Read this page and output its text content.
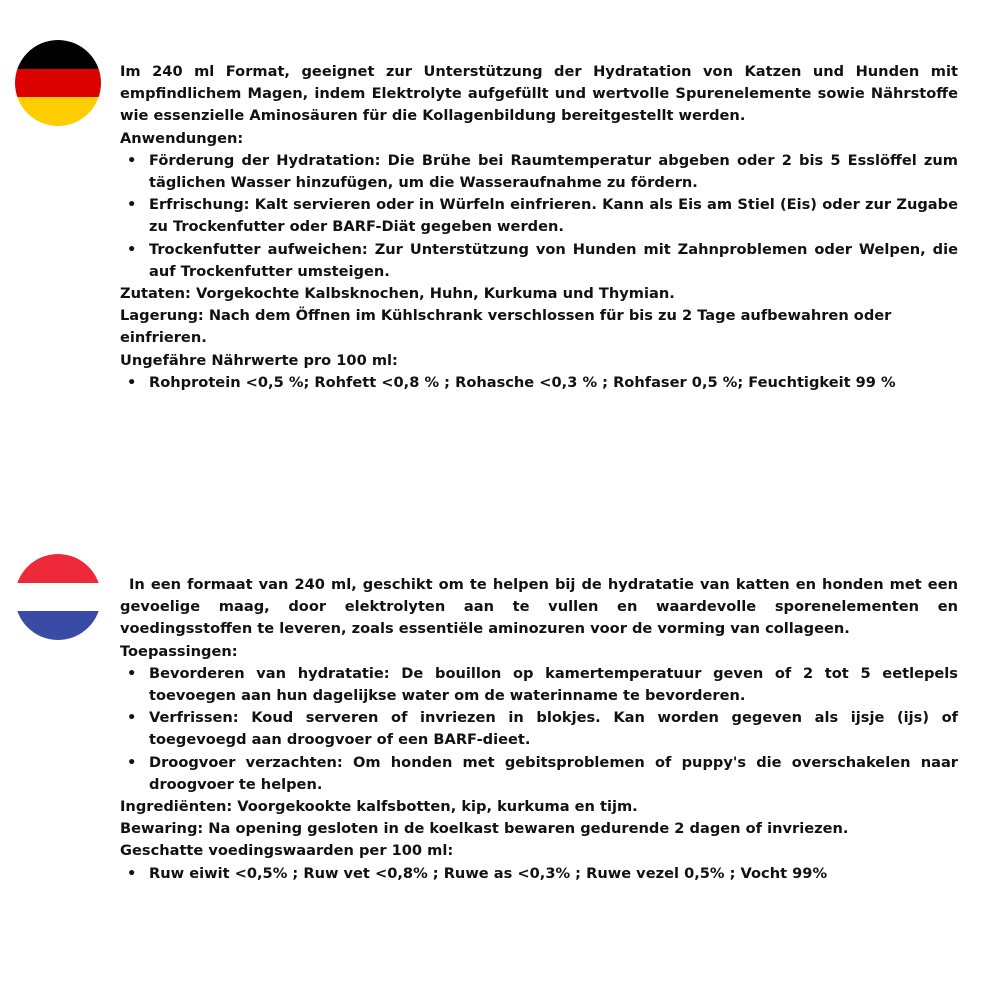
Im 240 ml Format, geeignet zur Unterstützung der Hydratation von Katzen und Hunden mit empfindlichem Magen, indem Elektrolyte aufgefüllt und wertvolle Spurenelemente sowie Nährstoffe wie essenzielle Aminosäuren für die Kollagenbildung bereitgestellt werden.

Anwendungen:

• Förderung der Hydratation: Die Brühe bei Raumtemperatur abgeben oder 2 bis 5 Esslöffel zum täglichen Wasser hinzufügen, um die Wasseraufnahme zu fördern.
• Erfrischung: Kalt servieren oder in Würfeln einfrieren. Kann als Eis am Stiel (Eis) oder zur Zugabe zu Trockenfutter oder BARF-Diät gegeben werden.
• Trockenfutter aufweichen: Zur Unterstützung von Hunden mit Zahnproblemen oder Welpen, die auf Trockenfutter umsteigen.

Zutaten: Vorgekochte Kalbsknochen, Huhn, Kurkuma und Thymian.

Lagerung: Nach dem Öffnen im Kühlschrank verschlossen für bis zu 2 Tage aufbewahren oder einfrieren.

Ungefähre Nährwerte pro 100 ml:

• Rohprotein <0,5 %; Rohfett <0,8 % ; Rohasche <0,3 % ; Rohfaser 0,5 %; Feuchtigkeit 99 %

In een formaat van 240 ml, geschikt om te helpen bij de hydratatie van katten en honden met een gevoelige maag, door elektrolyten aan te vullen en waardevolle sporenelementen en voedingsstoffen te leveren, zoals essentiële aminozuren voor de vorming van collageen.

Toepassingen:

• Bevorderen van hydratatie: De bouillon op kamertemperatuur geven of 2 tot 5 eetlepels toevoegen aan hun dagelijkse water om de waterinname te bevorderen.
• Verfrissen: Koud serveren of invriezen in blokjes. Kan worden gegeven als ijsje (ijs) of toegevoegd aan droogvoer of een BARF-dieet.
• Droogvoer verzachten: Om honden met gebitsproblemen of puppy's die overschakelen naar droogvoer te helpen.

Ingrediënten: Voorgekookte kalfsbotten, kip, kurkuma en tijm.

Bewaring: Na opening gesloten in de koelkast bewaren gedurende 2 dagen of invriezen.

Geschatte voedingswaarden per 100 ml:

• Ruw eiwit <0,5% ; Ruw vet <0,8% ; Ruwe as <0,3% ; Ruwe vezel 0,5% ; Vocht 99%
